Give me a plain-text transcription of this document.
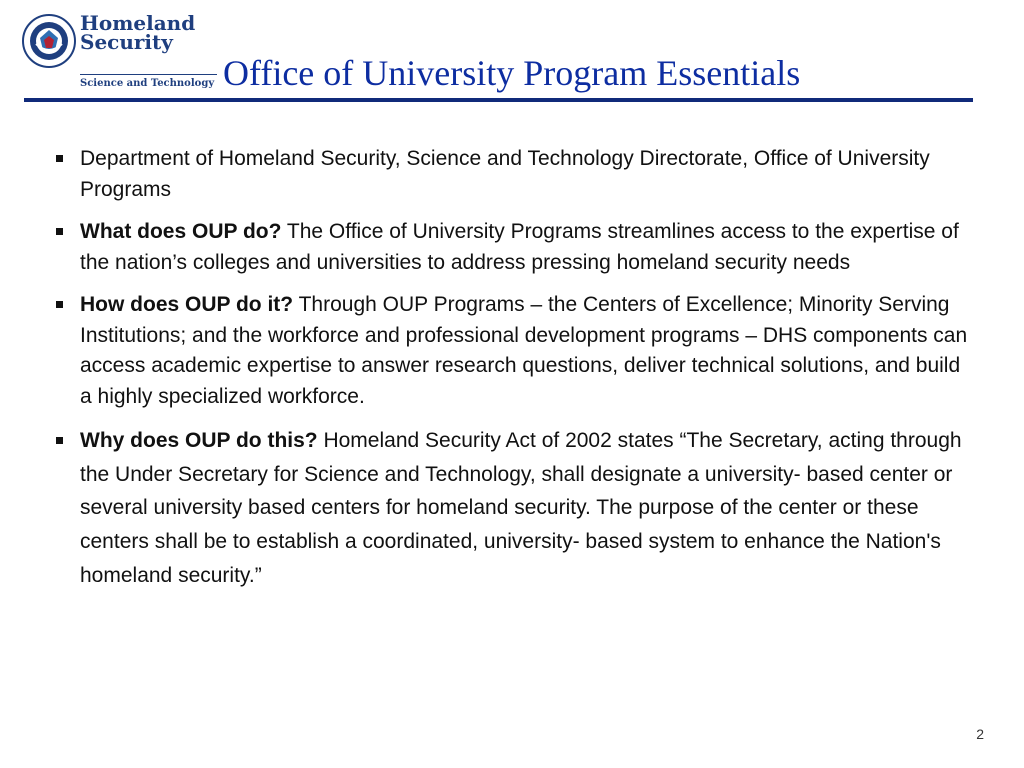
Homeland
Security
Science and Technology Office of University Program Essentials
Department of Homeland Security, Science and Technology Directorate, Office of University Programs
What does OUP do? The Office of University Programs streamlines access to the expertise of the nation’s colleges and universities to address pressing homeland security needs
How does OUP do it? Through OUP Programs – the Centers of Excellence; Minority Serving Institutions; and the workforce and professional development programs – DHS components can access academic expertise to answer research questions, deliver technical solutions, and build a highly specialized workforce.
Why does OUP do this? Homeland Security Act of 2002 states “The Secretary, acting through the Under Secretary for Science and Technology, shall designate a university- based center or several university based centers for homeland security. The purpose of the center or these centers shall be to establish a coordinated, university- based system to enhance the Nation's homeland security.”
2
